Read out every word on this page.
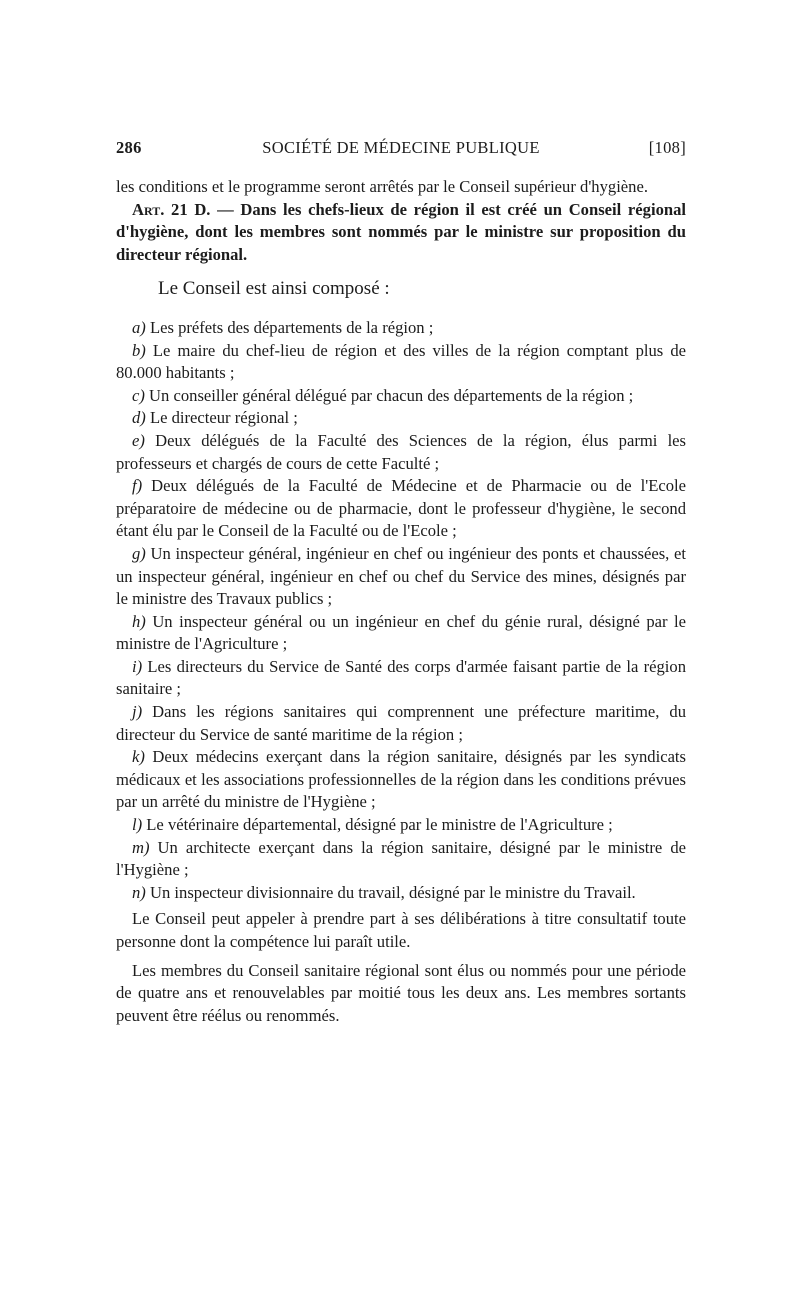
286	SOCIÉTÉ DE MÉDECINE PUBLIQUE	[108]

les conditions et le programme seront arrêtés par le Conseil supérieur d'hygiène.

Art. 21 D. — Dans les chefs-lieux de région il est créé un Conseil régional d'hygiène, dont les membres sont nommés par le ministre sur proposition du directeur régional.

Le Conseil est ainsi composé :

a) Les préfets des départements de la région ;

b) Le maire du chef-lieu de région et des villes de la région comptant plus de 80.000 habitants ;

c) Un conseiller général délégué par chacun des départements de la région ;

d) Le directeur régional ;

e) Deux délégués de la Faculté des Sciences de la région, élus parmi les professeurs et chargés de cours de cette Faculté ;

f) Deux délégués de la Faculté de Médecine et de Pharmacie ou de l'Ecole préparatoire de médecine ou de pharmacie, dont le professeur d'hygiène, le second étant élu par le Conseil de la Faculté ou de l'Ecole ;

g) Un inspecteur général, ingénieur en chef ou ingénieur des ponts et chaussées, et un inspecteur général, ingénieur en chef ou chef du Service des mines, désignés par le ministre des Travaux publics ;

h) Un inspecteur général ou un ingénieur en chef du génie rural, désigné par le ministre de l'Agriculture ;

i) Les directeurs du Service de Santé des corps d'armée faisant partie de la région sanitaire ;

j) Dans les régions sanitaires qui comprennent une préfecture maritime, du directeur du Service de santé maritime de la région ;

k) Deux médecins exerçant dans la région sanitaire, désignés par les syndicats médicaux et les associations professionnelles de la région dans les conditions prévues par un arrêté du ministre de l'Hygiène ;

l) Le vétérinaire départemental, désigné par le ministre de l'Agriculture ;

m) Un architecte exerçant dans la région sanitaire, désigné par le ministre de l'Hygiène ;

n) Un inspecteur divisionnaire du travail, désigné par le ministre du Travail.

Le Conseil peut appeler à prendre part à ses délibérations à titre consultatif toute personne dont la compétence lui paraît utile.

Les membres du Conseil sanitaire régional sont élus ou nommés pour une période de quatre ans et renouvelables par moitié tous les deux ans. Les membres sortants peuvent être réélus ou renommés.
